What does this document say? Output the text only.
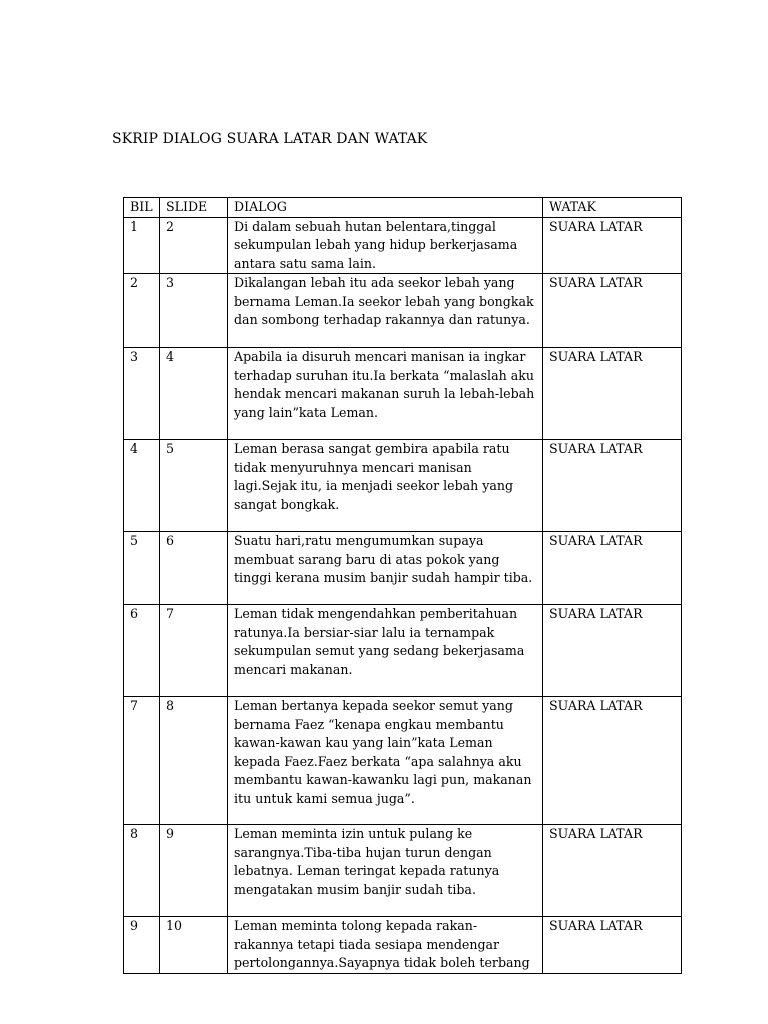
SKRIP DIALOG SUARA LATAR DAN WATAK
BIL	SLIDE	DIALOG	WATAK
1	2	Di dalam sebuah hutan belentara,tinggal sekumpulan lebah yang hidup berkerjasama antara satu sama lain.	SUARA LATAR
2	3	Dikalangan lebah itu ada seekor lebah yang bernama Leman.Ia seekor lebah yang bongkak dan sombong terhadap rakannya dan ratunya.	SUARA LATAR
3	4	Apabila ia disuruh mencari manisan ia ingkar terhadap suruhan itu.Ia berkata “malaslah aku hendak mencari makanan suruh la lebah-lebah yang lain”kata Leman.	SUARA LATAR
4	5	Leman berasa sangat gembira apabila ratu tidak menyuruhnya mencari manisan lagi.Sejak itu, ia menjadi seekor lebah yang sangat bongkak.	SUARA LATAR
5	6	Suatu hari,ratu mengumumkan supaya membuat sarang baru di atas pokok yang tinggi kerana musim banjir sudah hampir tiba.	SUARA LATAR
6	7	Leman tidak mengendahkan pemberitahuan ratunya.Ia bersiar-siar lalu ia ternampak sekumpulan semut yang sedang bekerjasama mencari makanan.	SUARA LATAR
7	8	Leman bertanya kepada seekor semut yang bernama Faez “kenapa engkau membantu kawan-kawan kau yang lain”kata Leman kepada Faez.Faez berkata “apa salahnya aku membantu kawan-kawanku lagi pun, makanan itu untuk kami semua juga”.	SUARA LATAR
8	9	Leman meminta izin untuk pulang ke sarangnya.Tiba-tiba hujan turun dengan lebatnya. Leman teringat kepada ratunya mengatakan musim banjir sudah tiba.	SUARA LATAR
9	10	Leman meminta tolong kepada rakan-rakannya tetapi tiada sesiapa mendengar pertolongannya.Sayapnya tidak boleh terbang	SUARA LATAR
